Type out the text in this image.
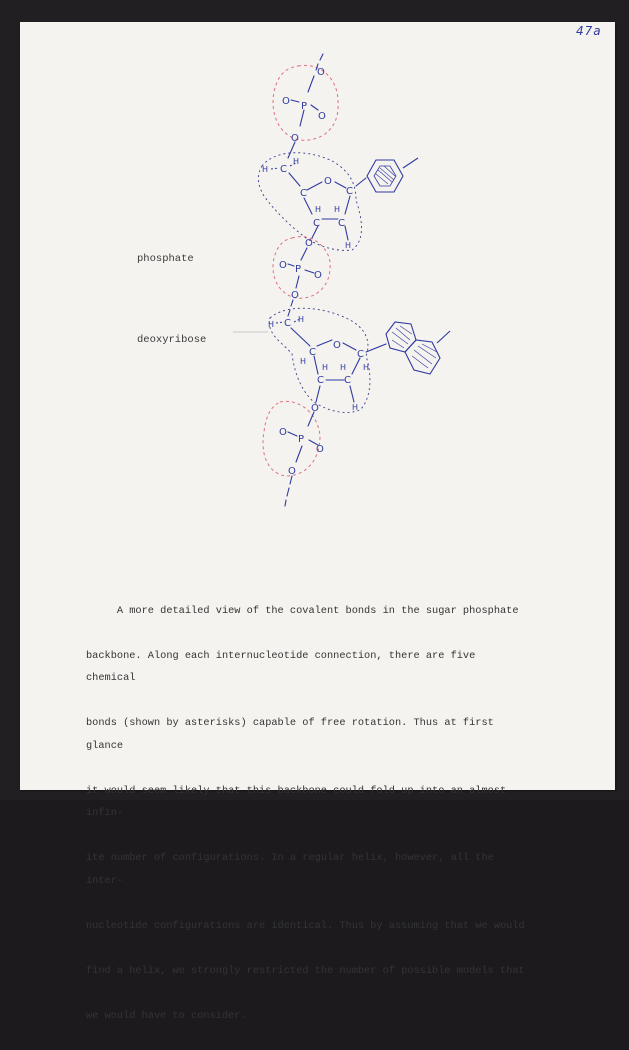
47a
phosphate
deoxyribose
O
O P
O
O
H C
H
C
O
C
C C
H H
H
O
O P
O
O
H C H
C
O
C
C C
H
H H H
H
O
O
P
O
O

A more detailed view of the covalent bonds in the sugar phosphate

backbone. Along each internucleotide connection, there are five chemical

bonds (shown by asterisks) capable of free rotation. Thus at first glance

it would seem likely that this backbone could fold up into an almost infin-

ite number of configurations. In a regular helix, however, all the inter-

nucleotide configurations are identical. Thus by assuming that we would

find a helix, we strongly restricted the number of possible models that

we would have to consider.
